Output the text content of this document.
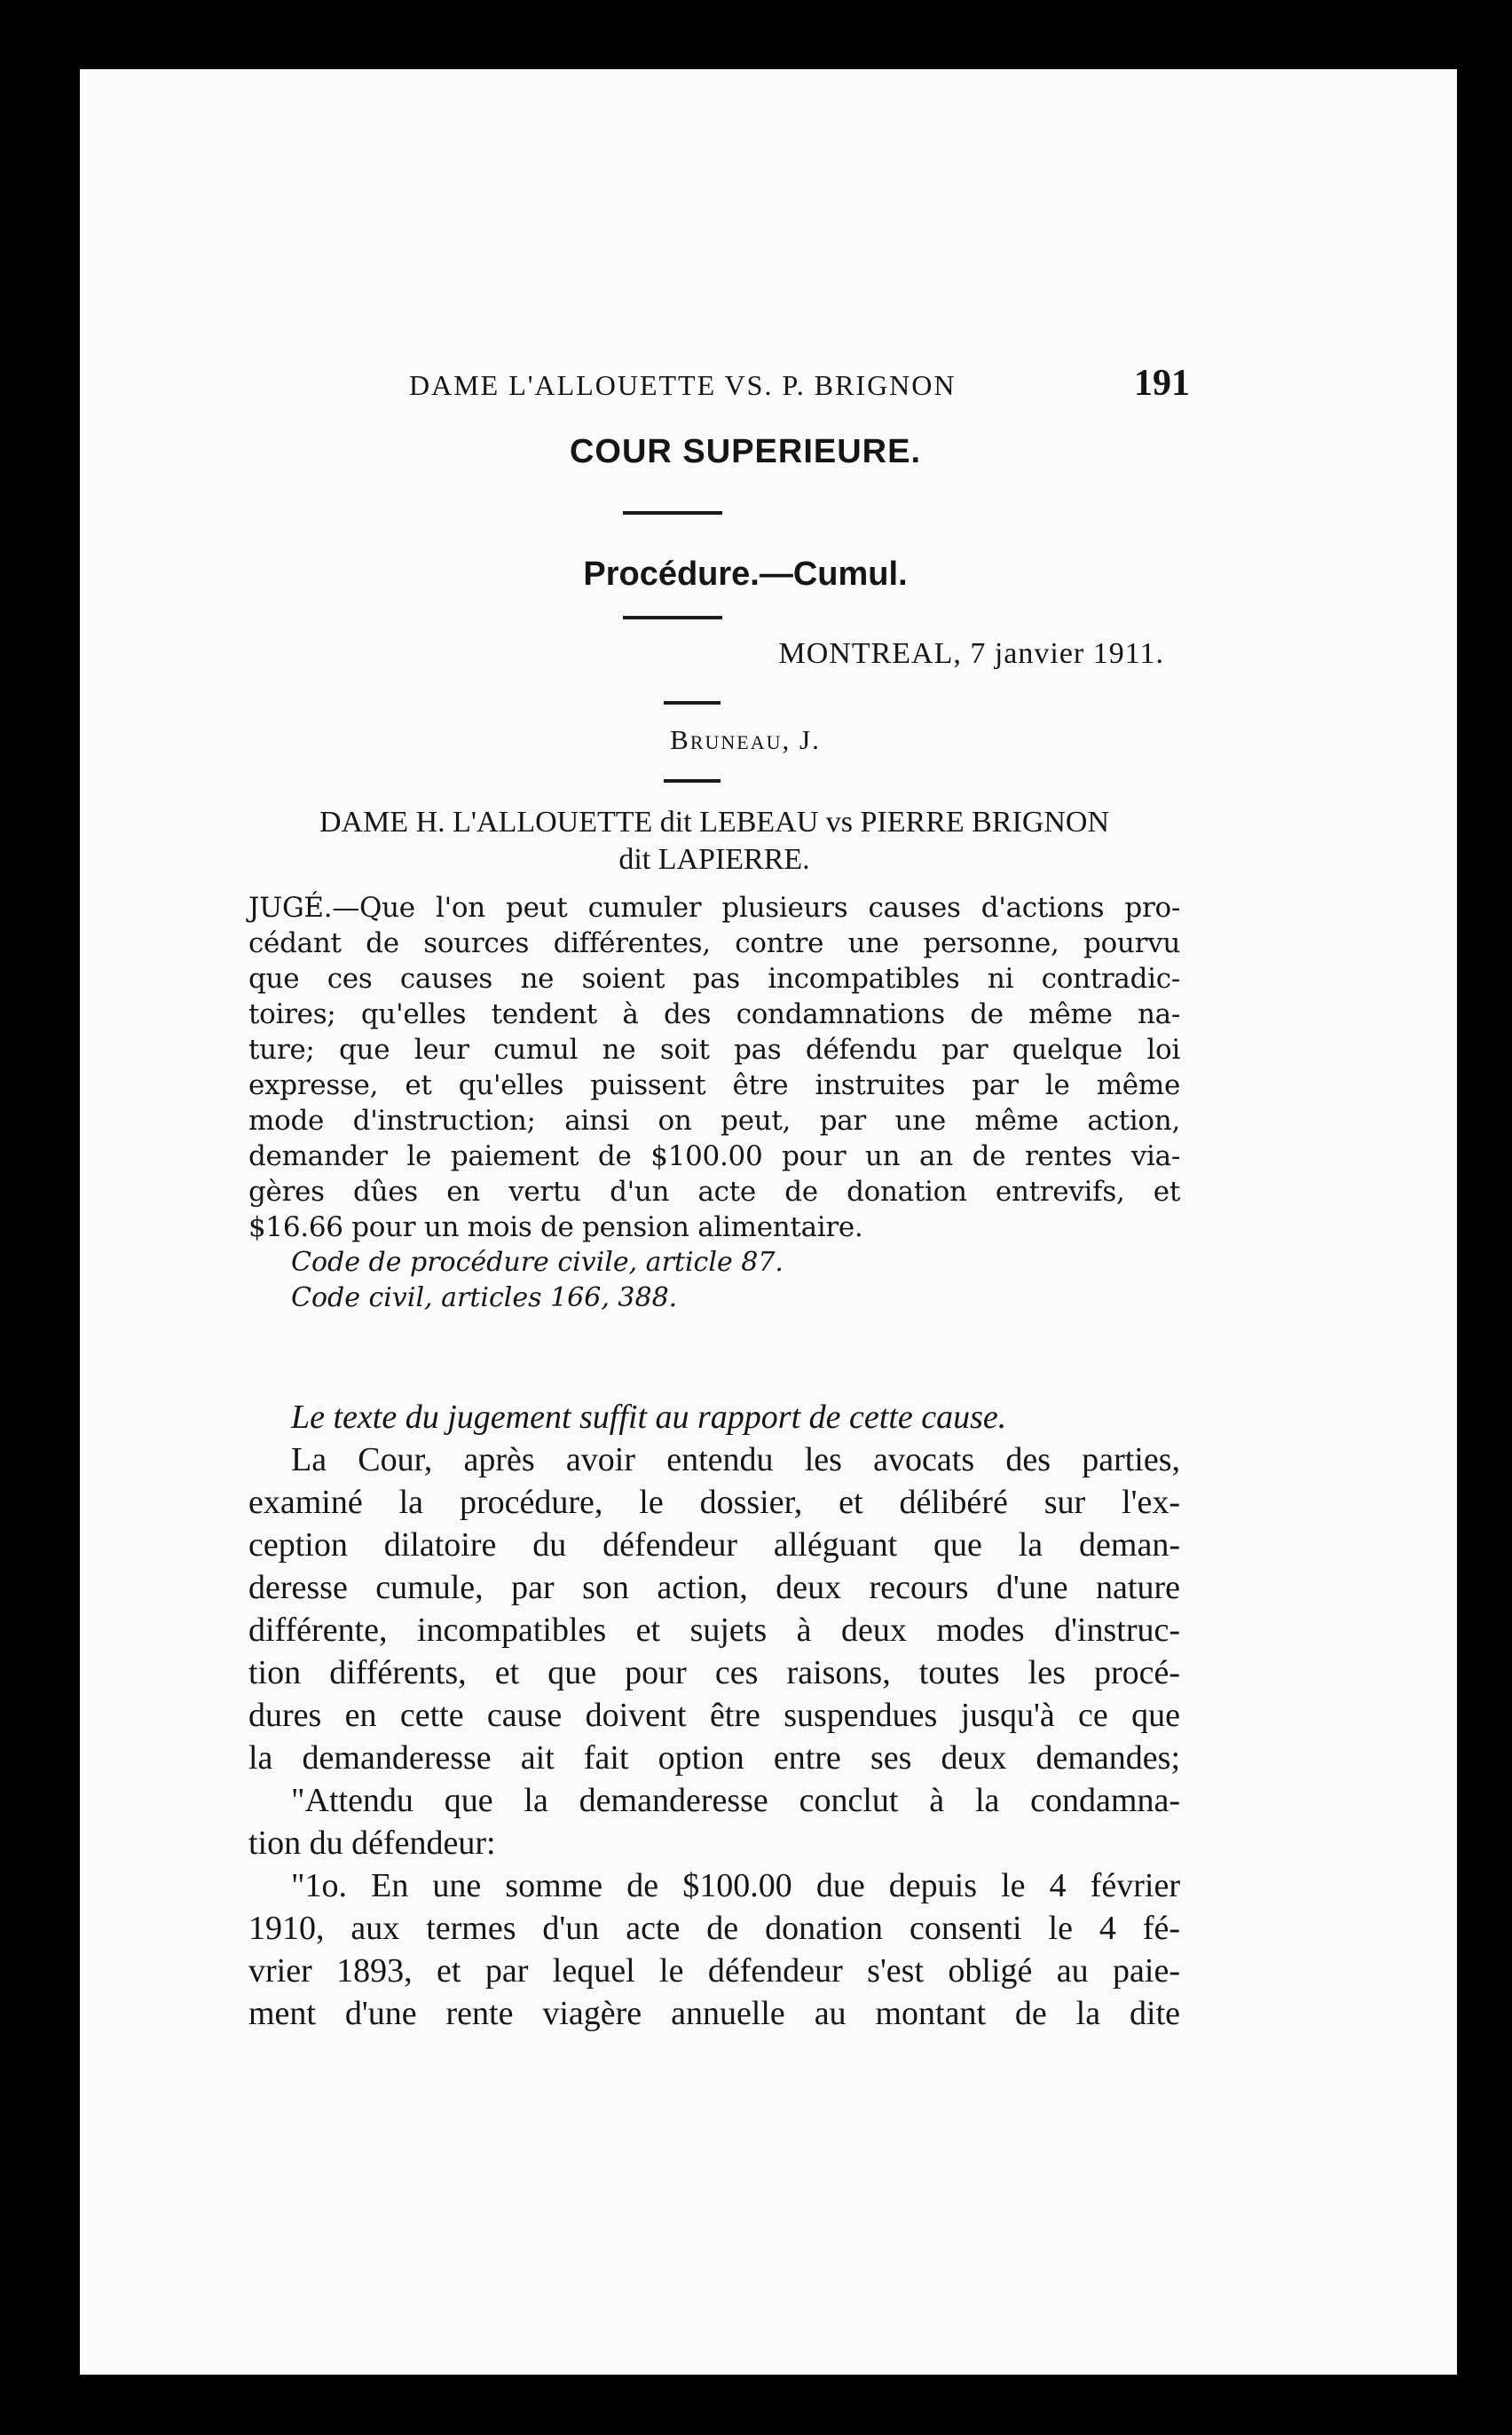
DAME L'ALLOUETTE VS. P. BRIGNON	191
COUR SUPERIEURE.
Procédure.—Cumul.
MONTREAL, 7 janvier 1911.
Bruneau, J.
DAME H. L'ALLOUETTE dit LEBEAU vs PIERRE BRIGNON
dit LAPIERRE.
JUGÉ.—Que l'on peut cumuler plusieurs causes d'actions pro-
cédant de sources différentes, contre une personne, pourvu
que ces causes ne soient pas incompatibles ni contradic-
toires; qu'elles tendent à des condamnations de même na-
ture; que leur cumul ne soit pas défendu par quelque loi
expresse, et qu'elles puissent être instruites par le même
mode d'instruction; ainsi on peut, par une même action,
demander le paiement de $100.00 pour un an de rentes via-
gères dûes en vertu d'un acte de donation entrevifs, et
$16.66 pour un mois de pension alimentaire.
Code de procédure civile, article 87.
Code civil, articles 166, 388.
Le texte du jugement suffit au rapport de cette cause.
La Cour, après avoir entendu les avocats des parties,
examiné la procédure, le dossier, et délibéré sur l'ex-
ception dilatoire du défendeur alléguant que la deman-
deresse cumule, par son action, deux recours d'une nature
différente, incompatibles et sujets à deux modes d'instruc-
tion différents, et que pour ces raisons, toutes les procé-
dures en cette cause doivent être suspendues jusqu'à ce que
la demanderesse ait fait option entre ses deux demandes;
"Attendu que la demanderesse conclut à la condamna-
tion du défendeur:
"1o. En une somme de $100.00 due depuis le 4 février
1910, aux termes d'un acte de donation consenti le 4 fé-
vrier 1893, et par lequel le défendeur s'est obligé au paie-
ment d'une rente viagère annuelle au montant de la dite
